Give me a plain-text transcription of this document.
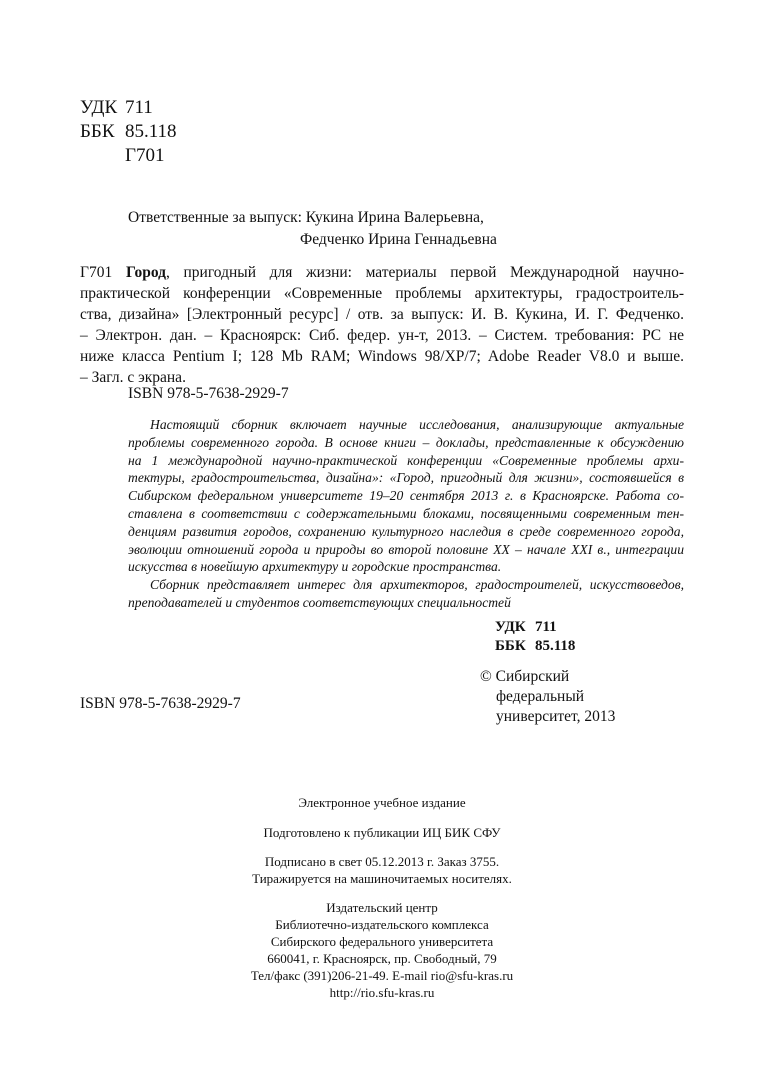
УДК 711
ББК 85.118
Г701
Ответственные за выпуск: Кукина Ирина Валерьевна,
Федченко Ирина Геннадьевна
Г701 Город, пригодный для жизни: материалы первой Международной научно-
практической конференции «Современные проблемы архитектуры, градостроитель-
ства, дизайна» [Электронный ресурс] / отв. за выпуск: И. В. Кукина, И. Г. Федченко.
– Электрон. дан. – Красноярск: Сиб. федер. ун-т, 2013. – Систем. требования: PC не
ниже класса Pentium I; 128 Mb RAM; Windows 98/XP/7; Adobe Reader V8.0 и выше.
– Загл. с экрана.
ISBN 978-5-7638-2929-7
Настоящий сборник включает научные исследования, анализирующие актуальные
проблемы современного города. В основе книги – доклады, представленные к обсуждению
на 1 международной научно-практической конференции «Современные проблемы архи-
тектуры, градостроительства, дизайна»: «Город, пригодный для жизни», состоявшейся в
Сибирском федеральном университете 19–20 сентября 2013 г. в Красноярске. Работа со-
ставлена в соответствии с содержательными блоками, посвященными современным тен-
денциям развития городов, сохранению культурного наследия в среде современного города,
эволюции отношений города и природы во второй половине XX – начале XXI в., интеграции
искусства в новейшую архитектуру и городские пространства.
Сборник представляет интерес для архитекторов, градостроителей, искусствоведов,
преподавателей и студентов соответствующих специальностей
УДК 711
ББК 85.118
© Сибирский
федеральный
университет, 2013
ISBN 978-5-7638-2929-7
Электронное учебное издание
Подготовлено к публикации ИЦ БИК СФУ
Подписано в свет 05.12.2013 г. Заказ 3755.
Тиражируется на машиночитаемых носителях.
Издательский центр
Библиотечно-издательского комплекса
Сибирского федерального университета
660041, г. Красноярск, пр. Свободный, 79
Тел/факс (391)206-21-49. E-mail rio@sfu-kras.ru
http://rio.sfu-kras.ru
